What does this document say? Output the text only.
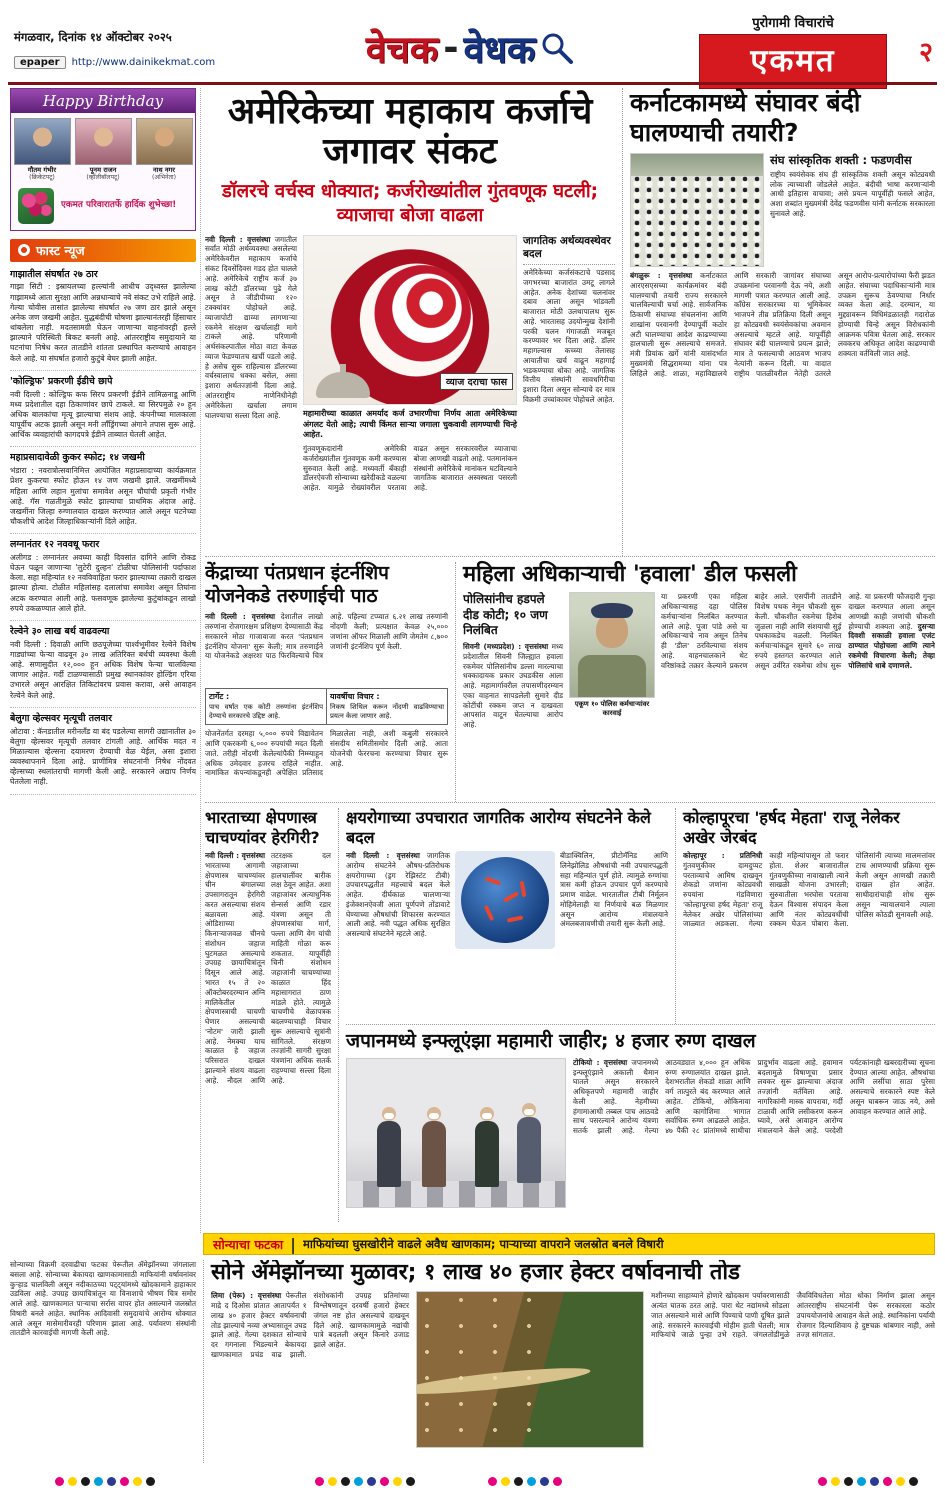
मंगळवार, दिनांक १४ ऑक्टोबर २०२५
epaper	http://www.dainikekmat.com	वेचक - वेधक
पुरोगामी विचारांचे
एकमत	२
Happy Birthday
गौतम गंभीर
(क्रिकेटपटू)
पूनम राजन
(व्हॉलीबॉलपटू)
नाथ नगर
(अभिनेता)
एकमत परिवारातर्फे हार्दिक शुभेच्छा!
फास्ट न्यूज
गाझातील संघर्षात २७ ठार

गाझा सिटी : इस्रायलच्या हल्ल्यांनी आधीच उद्ध्वस्त झालेल्या गाझामध्ये आता सुरक्षा आणि अन्नधान्याचे नवे संकट उभे राहिले आहे. गेल्या चोवीस तासांत झालेल्या संघर्षात २७ जण ठार झाले असून अनेक जण जखमी आहेत. युद्धबंदीची घोषणा झाल्यानंतरही हिंसाचार थांबलेला नाही. मदतसामग्री घेऊन जाणाऱ्या वाहनांवरही हल्ले झाल्याने परिस्थिती बिकट बनली आहे. आंतरराष्ट्रीय समुदायाने या घटनांचा निषेध करत तातडीने शांतता प्रस्थापित करण्याचे आवाहन केले आहे. या संघर्षात हजारो कुटुंबे बेघर झाली आहेत.

'कोल्ड्रिफ' प्रकरणी ईडीचे छापे

नवी दिल्ली : कोल्ड्रिफ कफ सिरप प्रकरणी ईडीने तामिळनाडू आणि मध्य प्रदेशातील दहा ठिकाणांवर छापे टाकले. या सिरपमुळे २० हून अधिक बालकांचा मृत्यू झाल्याचा संशय आहे. कंपनीच्या मालकाला यापूर्वीच अटक झाली असून मनी लाँड्रिंगच्या अंगाने तपास सुरू आहे. आर्थिक व्यवहारांची कागदपत्रे ईडीने ताब्यात घेतली आहेत.

महाप्रसादावेळी कुकर स्फोट; १४ जखमी

भंडारा : नवरात्रोत्सवानिमित्त आयोजित महाप्रसादाच्या कार्यक्रमात प्रेशर कुकरचा स्फोट होऊन १४ जण जखमी झाले. जखमींमध्ये महिला आणि लहान मुलांचा समावेश असून चौघांची प्रकृती गंभीर आहे. गॅस गळतीमुळे स्फोट झाल्याचा प्राथमिक अंदाज आहे. जखमींना जिल्हा रुग्णालयात दाखल करण्यात आले असून घटनेच्या चौकशीचे आदेश जिल्हाधिकाऱ्यांनी दिले आहेत.

लग्नानंतर १२ नववधू फरार

अलीगड : लग्नानंतर अवघ्या काही दिवसांत दागिने आणि रोकड घेऊन पळून जाणाऱ्या 'लुटेरी दुल्हन' टोळीचा पोलिसांनी पर्दाफाश केला. सहा महिन्यांत १२ नवविवाहिता फरार झाल्याच्या तक्रारी दाखल झाल्या होत्या. टोळीत महिलांसह दलालांचा समावेश असून तिघांना अटक करण्यात आली आहे. फसवणूक झालेल्या कुटुंबांकडून लाखो रुपये उकळण्यात आले होते.

रेल्वेने ३० लाख बर्थ वाढवल्या

नवी दिल्ली : दिवाळी आणि छठपूजेच्या पार्श्वभूमीवर रेल्वेने विशेष गाड्यांच्या फेऱ्या वाढवून ३० लाख अतिरिक्त बर्थची व्यवस्था केली आहे. सणासुदीत १२,००० हून अधिक विशेष फेऱ्या चालविल्या जाणार आहेत. गर्दी टाळण्यासाठी प्रमुख स्थानकांवर होल्डिंग एरिया उभारले असून आरक्षित तिकिटांवरच प्रवास करावा, असे आवाहन रेल्वेने केले आहे.

बेलुगा व्हेल्सवर मृत्यूची तलवार

ओटावा : कॅनडातील मरीनलँड या बंद पडलेल्या सागरी उद्यानातील ३० बेलुगा व्हेल्सवर मृत्यूची तलवार टांगली आहे. आर्थिक मदत न मिळाल्यास व्हेल्सना दयामरण देण्याची वेळ येईल, असा इशारा व्यवस्थापनाने दिला आहे. प्राणीमित्र संघटनांनी निषेध नोंदवत व्हेल्सच्या स्थलांतराची मागणी केली आहे. सरकारने अद्याप निर्णय घेतलेला नाही.

अमेरिकेच्या महाकाय कर्जाचे जगावर संकट
डॉलरचे वर्चस्व धोक्यात; कर्जरोख्यांतील गुंतवणूक घटली; व्याजाचा बोजा वाढला
नवी दिल्ली : वृत्तसंस्था जगातील सर्वांत मोठी अर्थव्यवस्था असलेल्या अमेरिकेवरील महाकाय कर्जाचे संकट दिवसेंदिवस गडद होत चालले आहे. अमेरिकेचे राष्ट्रीय कर्ज ३७ लाख कोटी डॉलरच्या पुढे गेले असून ते जीडीपीच्या १२० टक्क्यांवर पोहोचले आहे. व्याजापोटी द्याव्या लागणाऱ्या रकमेने संरक्षण खर्चालाही मागे टाकले आहे. परिणामी अर्थसंकल्पातील मोठा वाटा केवळ व्याज फेडण्यातच खर्ची पडतो आहे. हे असेच सुरू राहिल्यास डॉलरच्या वर्चस्वालाच धक्का बसेल, असा इशारा अर्थतज्ज्ञांनी दिला आहे. आंतरराष्ट्रीय नाणेनिधीनेही अमेरिकेला खर्चाला लगाम घालण्याचा सल्ला दिला आहे.
व्याज दराचा फास
महामारीच्या काळात अमर्याद कर्ज उभारणीचा निर्णय आता अमेरिकेच्या अंगलट येतो आहे; त्याची किंमत साऱ्या जगाला चुकवावी लागण्याची चिन्हे आहेत.
गुंतवणूकदारांनी अमेरिकी कर्जरोख्यांतील गुंतवणूक कमी करण्यास सुरुवात केली आहे. मध्यवर्ती बँकाही डॉलरऐवजी सोन्याच्या खरेदीकडे वळल्या आहेत. यामुळे रोख्यांवरील परतावा वाढत असून सरकारवरील व्याजाचा बोजा आणखी वाढतो आहे. पतमानांकन संस्थांनी अमेरिकेचे मानांकन घटविल्याने जागतिक बाजारात अस्वस्थता पसरली आहे.
जागतिक अर्थव्यवस्थेवर बदल
अमेरिकेच्या कर्जसंकटाचे प‍डसाद जगभरच्या बाजारांत उमटू लागले आहेत. अनेक देशांच्या चलनांवर दबाव आला असून भांडवली बाजारात मोठी उलथापालथ सुरू आहे. भारतासह उदयोन्मुख देशांनी परकी चलन गंगाजळी मजबूत करण्यावर भर दिला आहे. डॉलर महागल्यास कच्च्या तेलासह आयातीचा खर्च वाढून महागाई भडकण्याचा धोका आहे. जागतिक वित्तीय संस्थांनी सावधगिरीचा इशारा दिला असून सोन्याचे दर मात्र विक्रमी उच्चांकावर पोहोचले आहेत.
कर्नाटकामध्ये संघावर बंदी घालण्याची तयारी?
संघ सांस्कृतिक शक्ती : फडणवीस
राष्ट्रीय स्वयंसेवक संघ ही सांस्कृतिक शक्ती असून कोट्यवधी लोक त्याच्याशी जोडलेले आहेत. बंदीची भाषा करणाऱ्यांनी आधी इतिहास वाचावा; असे प्रयत्न यापूर्वीही फसले आहेत, अशा शब्दांत मुख्यमंत्री देवेंद्र फडणवीस यांनी कर्नाटक सरकारला सुनावले आहे.
बंगळुरू : वृत्तसंस्था कर्नाटकात आरएसएसच्या कार्यक्रमांवर बंदी घालण्याची तयारी राज्य सरकारने चालविल्याची चर्चा आहे. सार्वजनिक ठिकाणी संघाच्या संचलनांना आणि शाखांना परवानगी देण्यापूर्वी कठोर अटी घालण्याचा आदेश काढण्याच्या हालचाली सुरू असल्याचे समजते. मंत्री प्रियांक खर्गे यांनी यासंदर्भात मुख्यमंत्री सिद्धरामय्या यांना पत्र लिहिले आहे. शाळा, महाविद्यालये आणि सरकारी जागांवर संघाच्या उपक्रमांना परवानगी देऊ नये, अशी मागणी पत्रात करण्यात आली आहे. काँग्रेस सरकारच्या या भूमिकेवर भाजपने तीव्र प्रतिक्रिया दिली असून हा कोट्यवधी स्वयंसेवकांचा अवमान असल्याचे म्हटले आहे. यापूर्वीही संघावर बंदी घालण्याचे प्रयत्न झाले; मात्र ते फसल्याची आठवण भाजप नेत्यांनी करून दिली. या वादात राष्ट्रीय पातळीवरील नेतेही उतरले असून आरोप-प्रत्यारोपांच्या फैरी झडत आहेत. संघाच्या पदाधिकाऱ्यांनी मात्र उपक्रम सुरूच ठेवण्याचा निर्धार व्यक्त केला आहे. दरम्यान, या मुद्द्यावरून विधिमंडळातही गदारोळ होण्याची चिन्हे असून विरोधकांनी आक्रमक पवित्रा घेतला आहे. सरकार लवकरच अधिकृत आदेश काढण्याची शक्यता वर्तविली जात आहे.
केंद्राच्या पंतप्रधान इंटर्नशिप योजनेकडे तरुणाईची पाठ
नवी दिल्ली : वृत्तसंस्था देशातील लाखो तरुणांना रोजगारक्षम प्रशिक्षण देण्यासाठी केंद्र सरकारने मोठा गाजावाजा करत 'पंतप्रधान इंटर्नशिप योजना' सुरू केली; मात्र तरुणाईने या योजनेकडे अक्षरशः पाठ फिरविल्याचे चित्र आहे. पहिल्या टप्प्यात ६.२१ लाख तरुणांनी नोंदणी केली; प्रत्यक्षात केवळ २५,००० जणांना ऑफर मिळाली आणि जेमतेम ८,७०० जणांनी इंटर्नशिप पूर्ण केली.
टार्गेट :
पाच वर्षांत एक कोटी तरुणांना इंटर्नशिप देण्याचे सरकारचे उद्दिष्ट आहे.
यावर्षीचा विचार :
निकष शिथिल करून नोंदणी वाढविण्याचा प्रयत्न केला जाणार आहे.
योजनेंतर्गत दरमहा ५,००० रुपये विद्यावेतन आणि एकरकमी ६,००० रुपयांची मदत दिली जाते. तरीही नोंदणी केलेल्यांपैकी निम्म्याहून अधिक उमेदवार हजरच राहिले नाहीत. नामांकित कंपन्यांकडूनही अपेक्षित प्रतिसाद मिळालेला नाही, अशी कबुली सरकारने संसदीय समितीसमोर दिली आहे. आता योजनेची फेररचना करण्याचा विचार सुरू आहे.
महिला अधिकाऱ्याची 'हवाला' डील फसली
पोलिसांनीच हडपले दीड कोटी; १० जण निलंबित
सिवनी (मध्यप्रदेश) : वृत्तसंस्था मध्य प्रदेशातील सिवनी जिल्ह्यात हवाला रकमेवर पोलिसांनीच डल्ला मारल्याचा धक्कादायक प्रकार उघडकीस आला आहे. महामार्गावरील तपासणीदरम्यान एका वाहनात सापडलेली सुमारे दीड कोटींची रक्कम जप्त न दाखवता आपसांत वाटून घेतल्याचा आरोप आहे.
एकूण १० पोलिस कर्मचाऱ्यांवर कारवाई
या प्रकरणी एका महिला अधिकाऱ्यासह दहा पोलिस कर्मचाऱ्यांना निलंबित करण्यात आले आहे. पूजा पांडे असे या अधिकाऱ्याचे नाव असून तिनेच ही 'डील' ठरविल्याचा संशय आहे. वाहनचालकाने थेट वरिष्ठांकडे तक्रार केल्याने प्रकरण बाहेर आले. एसपींनी तातडीने विशेष पथक नेमून चौकशी सुरू केली. चौकशीत रकमेचा हिशेब जुळला नाही आणि संशयाची सुई पथकाकडेच वळली. निलंबित कर्मचाऱ्यांकडून सुमारे ६० लाख रुपये हस्तगत करण्यात आले असून उर्वरित रकमेचा शोध सुरू आहे. या प्रकरणी फौजदारी गुन्हा दाखल करण्यात आला असून आणखी काही जणांची चौकशी होण्याची शक्यता आहे. दुसऱ्या दिवशी सकाळी हवाला एजंट ठाण्यात पोहोचला आणि त्याने रकमेची विचारणा केली; तेव्हा पोलिसांचे धाबे दणाणले.
भारताच्या क्षेपणास्त्र चाचण्यांवर हेरगिरी?
नवी दिल्ली : वृत्तसंस्था भारताच्या आगामी क्षेपणास्त्र चाचण्यांवर चीन बंगालच्या उपसागरातून हेरगिरी करत असल्याचा संशय बळावला आहे. ओडिशाच्या किनाऱ्याजवळ चीनचे संशोधन जहाज घुटमळत असल्याचे उपग्रह छायाचित्रांतून दिसून आले आहे. भारत १५ ते २० ऑक्टोबरदरम्यान अग्नि मालिकेतील क्षेपणास्त्राची चाचणी घेणार असल्याची 'नोटम' जारी झाली आहे. नेमक्या याच काळात हे जहाज परिसरात दाखल झाल्याने संशय वाढला आहे. नौदल आणि तटरक्षक दल जहाजाच्या हालचालींवर बारीक लक्ष ठेवून आहेत. अशा जहाजांवर अत्याधुनिक सेन्सर्स आणि रडार यंत्रणा असून ती क्षेपणास्त्रांचा मार्ग, पल्ला आणि वेग यांची माहिती गोळा करू शकतात. यापूर्वीही चिनी संशोधन जहाजांनी चाचण्यांच्या काळात हिंद महासागरात ठाण मांडले होते. त्यामुळे चाचणीचे वेळापत्रक बदलण्याचाही विचार सुरू असल्याचे सूत्रांनी सांगितले. संरक्षण तज्ज्ञांनी सागरी सुरक्षा यंत्रणांना अधिक सतर्क राहण्याचा सल्ला दिला आहे.
क्षयरोगाच्या उपचारात जागतिक आरोग्य संघटनेने केले बदल
नवी दिल्ली : वृत्तसंस्था जागतिक आरोग्य संघटनेने औषध-प्रतिरोधक क्षयरोगाच्या (ड्रग रेझिस्टंट टीबी) उपचारपद्धतीत महत्त्वाचे बदल केले आहेत. दीर्घकाळ चालणाऱ्या इंजेक्शनऐवजी आता पूर्णपणे तोंडावाटे घेण्याच्या औषधांची शिफारस करण्यात आली आहे. नवी पद्धत अधिक सुरक्षित असल्याचे संघटनेने म्हटले आहे.
बीडाक्विलिन, प्रीटोमॅनिड आणि लिनेझोलिड औषधांची नवी उपचारपद्धती सहा महिन्यांत पूर्ण होते. त्यामुळे रुग्णांचा त्रास कमी होऊन उपचार पूर्ण करण्याचे प्रमाण वाढेल. भारतातील टीबी निर्मूलन मोहिमेलाही या निर्णयाचे बळ मिळणार असून आरोग्य मंत्रालयाने अंमलबजावणीची तयारी सुरू केली आहे.
कोल्हापूरचा 'हर्षद मेहता' राजू नेलेकर अखेर जेरबंद
कोल्हापूर : प्रतिनिधी गुंतवणुकीवर दामदुप्पट परताव्याचे आमिष दाखवून शेकडो जणांना कोट्यवधी रुपयांना गंडविणारा 'कोल्हापूरचा हर्षद मेहता' राजू नेलेकर अखेर पोलिसांच्या जाळ्यात अडकला. गेल्या काही महिन्यांपासून तो फरार होता. शेअर बाजारातील गुंतवणुकीच्या नावाखाली त्याने साखळी योजना उभारली; सुरुवातीला भरघोस परतावा देऊन विश्वास संपादन केला आणि नंतर कोट्यवधींची रक्कम घेऊन पोबारा केला. पोलिसांनी त्याच्या मालमत्तांवर टाच आणण्याची प्रक्रिया सुरू केली असून आणखी तक्रारी दाखल होत आहेत. साथीदारांचाही शोध सुरू असून न्यायालयाने त्याला पोलिस कोठडी सुनावली आहे.
जपानमध्ये इन्फ्लूएंझा महामारी जाहीर; ४ हजार रुग्ण दाखल
टोकियो : वृत्तसंस्था जपानमध्ये इन्फ्लूएंझाने अकाली थैमान घातले असून सरकारने अधिकृतपणे महामारी जाहीर केली आहे. नेहमीच्या हंगामाआधी तब्बल पाच आठवडे साथ पसरल्याने आरोग्य यंत्रणा सतर्क झाली आहे. गेल्या आठवड्यात ४,००० हून अधिक रुग्ण रुग्णालयांत दाखल झाले. देशभरातील शेकडो शाळा आणि वर्ग तात्पुरते बंद करण्यात आले आहेत. टोकियो, ओकिनावा आणि कागोशिमा भागात सर्वाधिक रुग्ण आढळले आहेत. ४७ पैकी २८ प्रांतांमध्ये साथीचा प्रादुर्भाव वाढला आहे. हवामान बदलामुळे विषाणूचा प्रसार लवकर सुरू झाल्याचा अंदाज तज्ज्ञांनी वर्तविला आहे. नागरिकांनी मास्क वापरावा, गर्दी टाळावी आणि लसीकरण करून घ्यावे, असे आवाहन आरोग्य मंत्रालयाने केले आहे. परदेशी पर्यटकांनाही खबरदारीच्या सूचना देण्यात आल्या आहेत. औषधांचा आणि लसींचा साठा पुरेसा असल्याचे सरकारने स्पष्ट केले असून घाबरून जाऊ नये, असे आवाहन करण्यात आले आहे.
सोन्याचा फटका | माफियांच्या घुसखोरीने वाढले अवैध खाणकाम; पाऱ्याच्या वापराने जलस्रोत बनले विषारी
सोन्याच्या विक्रमी दरवाढीचा फटका पेरूतील ॲमेझॉनच्या जंगलाला बसला आहे. सोन्याच्या बेकायदा खाणकामासाठी माफियांनी वर्षावनांवर कुऱ्हाड चालविली असून नदीकाठच्या पट्ट्यांमध्ये खोदकामाने हाहाकार उडविला आहे. उपग्रह छायाचित्रांतून या विनाशाचे भीषण चित्र समोर आले आहे. खाणकामात पाऱ्याचा सर्रास वापर होत असल्याने जलस्रोत विषारी बनले आहेत. स्थानिक आदिवासी समुदायांचे आरोग्य धोक्यात आले असून मासेमारीवरही परिणाम झाला आहे. पर्यावरण संस्थांनी तातडीने कारवाईची मागणी केली आहे.
सोने ॲमेझॉनच्या मुळावर; १ लाख ४० हजार हेक्टर वर्षावनाची तोड
लिमा (पेरू) : वृत्तसंस्था पेरूतील माद्रे द दिओस प्रांतात आतापर्यंत १ लाख ४० हजार हेक्टर वर्षावनाची तोड झाल्याचे नव्या अभ्यासातून उघड झाले आहे. गेल्या दशकात सोन्याचे दर गगनाला भिडल्याने बेकायदा खाणकामात प्रचंड वाढ झाली. संशोधकांनी उपग्रह प्रतिमांच्या विश्लेषणातून दरवर्षी हजारो हेक्टर जंगल नष्ट होत असल्याचे दाखवून दिले आहे. खाणकामामुळे नद्यांची पात्रे बदलली असून किनारे उजाड झाले आहेत.
मशीनच्या साहाय्याने होणारे खोदकाम पर्यावरणासाठी अत्यंत घातक ठरत आहे. पारा थेट नद्यांमध्ये सोडला जात असल्याने मासे आणि पिण्याचे पाणी दूषित झाले आहे. सरकारने कारवाईची मोहीम हाती घेतली; मात्र माफियांचे जाळे पुन्हा उभे राहते. जंगलतोडीमुळे जैवविविधतेला मोठा धोका निर्माण झाला असून आंतरराष्ट्रीय संघटनांनी पेरू सरकारला कठोर उपाययोजनांचे आवाहन केले आहे. स्थानिकांना पर्यायी रोजगार दिल्याशिवाय हे दुष्टचक्र थांबणार नाही, असे तज्ज्ञ सांगतात.
